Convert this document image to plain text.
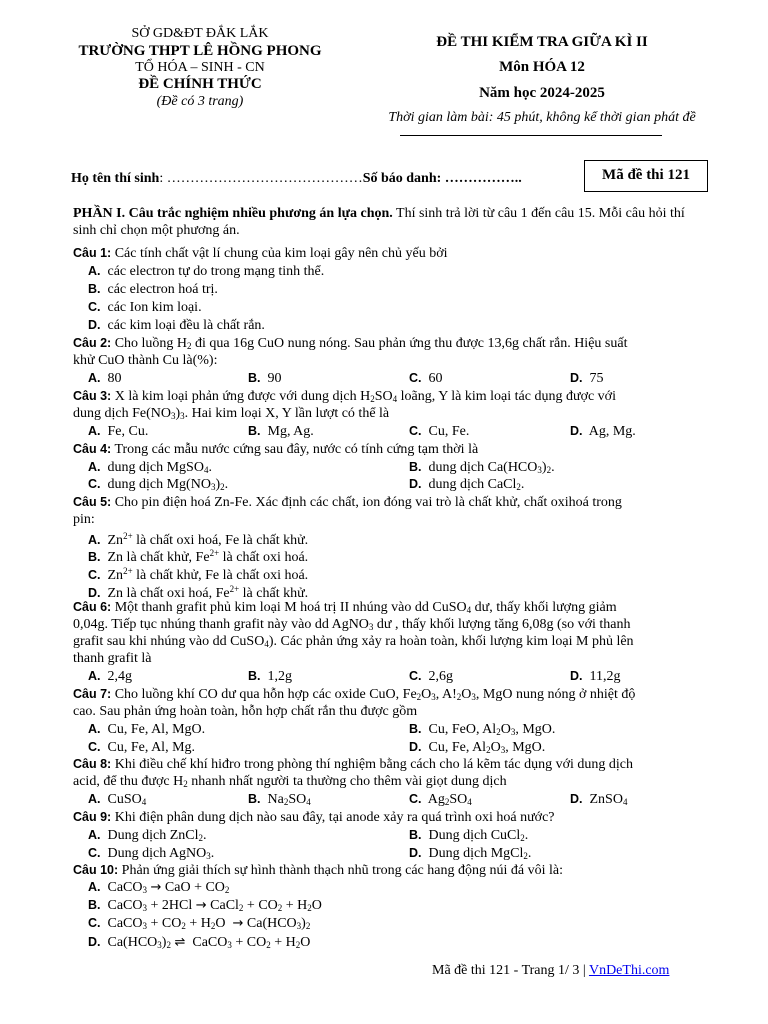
SỞ GD&ĐT ĐẮK LẮK
TRƯỜNG THPT LÊ HỒNG PHONG
TỔ HÓA – SINH - CN
ĐỀ CHÍNH THỨC
(Đề có 3 trang)
ĐỀ THI KIỂM TRA GIỮA KÌ II
Môn HÓA 12
Năm học 2024-2025
Thời gian làm bài: 45 phút, không kể thời gian phát đề
Họ tên thí sinh: ……………………………………Số báo danh: ……………..	Mã đề thi 121
PHẦN I. Câu trắc nghiệm nhiều phương án lựa chọn. Thí sinh trả lời từ câu 1 đến câu 15. Mỗi câu hỏi thí sinh chỉ chọn một phương án.
Câu 1: Các tính chất vật lí chung của kim loại gây nên chủ yếu bởi
A. các electron tự do trong mạng tinh thể.
B. các electron hoá trị.
C. các Ion kim loại.
D. các kim loại đều là chất rắn.
Câu 2: Cho luồng $H_2$ đi qua 16g CuO nung nóng. Sau phản ứng thu được 13,6g chất rắn. Hiệu suất
khử CuO thành Cu là(%):
A. 80	B. 90	C. 60	D. 75
Câu 3: X là kim loại phản ứng được với dung dịch $H_2SO_4$ loãng, Y là kim loại tác dụng được với
dung dịch $Fe(NO_3)_3$. Hai kim loại X, Y lần lượt có thể là
A. Fe, Cu.	B. Mg, Ag.	C. Cu, Fe.	D. Ag, Mg.
Câu 4: Trong các mẫu nước cứng sau đây, nước có tính cứng tạm thời là
A. dung dịch MgSO$_4$.	B. dung dịch $Ca(HCO_3)_2$.
C. dung dịch $Mg(NO_3)_2$.	D. dung dịch CaCl$_2$.
Câu 5: Cho pin điện hoá Zn-Fe. Xác định các chất, ion đóng vai trò là chất khử, chất oxihoá trong
pin:
A.  $Zn^{2+}$ là chất oxi hoá, Fe là chất khử.
B. Zn là chất khử, $Fe^{2+}$ là chất oxi hoá.
C.  $Zn^{2+}$ là chất khử, Fe là chất oxi hoá.
D. Zn là chất oxi hoá, $Fe^{2+}$ là chất khử.
Câu 6: Một thanh grafit phủ kim loại M hoá trị II nhúng vào dd CuSO$_4$ dư, thấy khối lượng giảm
0,04g. Tiếp tục nhúng thanh grafit này vào dd AgNO$_3$ dư , thấy khối lượng tăng 6,08g (so với thanh
grafit sau khi nhúng vào dd CuSO$_4$). Các phản ứng xảy ra hoàn toàn, khối lượng kim loại M phủ lên
thanh grafit là
A. 2,4g	B. 1,2g	C. 2,6g	D. 11,2g
Câu 7: Cho luồng khí CO dư qua hỗn hợp các oxide CuO, $Fe_2O_3$, $A!_2O_3$, MgO nung nóng ở nhiệt độ
cao. Sau phản ứng hoàn toàn, hỗn hợp chất rắn thu được gồm
A. Cu, Fe, Al, MgO.	B. Cu, FeO, $Al_2O_3$, MgO.
C. Cu, Fe, Al, Mg.	D. Cu, Fe, $Al_2O_3$, MgO.
Câu 8: Khi điều chế khí hiđro trong phòng thí nghiệm bằng cách cho lá kẽm tác dụng với dung dịch
acid, để thu được $H_2$ nhanh nhất người ta thường cho thêm vài giọt dung dịch
A. CuSO$_4$	B. $Na_2SO_4$	C. $Ag_2SO_4$	D. ZnSO$_4$
Câu 9: Khi điện phân dung dịch nào sau đây, tại anode xảy ra quá trình oxi hoá nước?
A. Dung dịch ZnCl$_2$.	B. Dung dịch CuCl$_2$.
C. Dung dịch AgNO$_3$.	D. Dung dịch MgCl$_2$.
Câu 10: Phản ứng giải thích sự hình thành thạch nhũ trong các hang động núi đá vôi là:
A.  CaCO$_3$ → CaO + $CO_2$
B.  CaCO$_3$ + 2HCl → CaCl$_2$ + $CO_2 + H_2O$
C.  CaCO$_3$ + $CO_2 + H_2O \to Ca(HCO_3)_2$
D.  $Ca(HCO_3)_2$ ⇌  CaCO$_3$ + $CO_2 + H_2O$
Mã đề thi 121 - Trang 1/ 3 | VnDeThi.com
